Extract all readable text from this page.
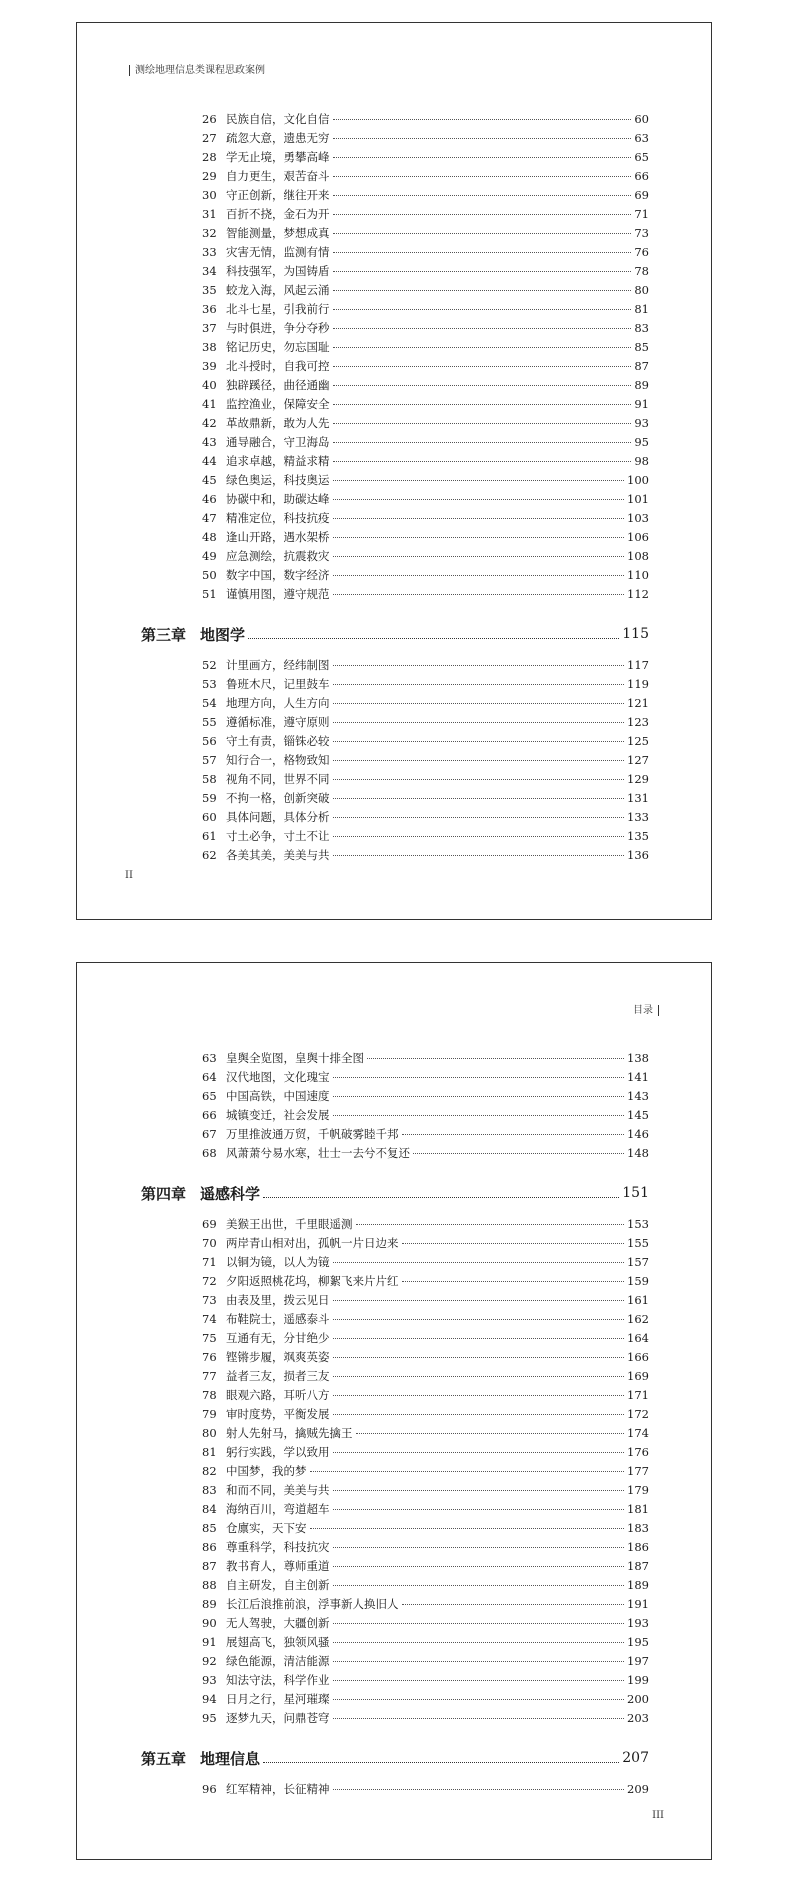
测绘地理信息类课程思政案例
26 民族自信，文化自信	60
27 疏忽大意，遗患无穷	63
28 学无止境，勇攀高峰	65
29 自力更生，艰苦奋斗	66
30 守正创新，继往开来	69
31 百折不挠，金石为开	71
32 智能测量，梦想成真	73
33 灾害无情，监测有情	76
34 科技强军，为国铸盾	78
35 蛟龙入海，风起云涌	80
36 北斗七星，引我前行	81
37 与时俱进，争分夺秒	83
38 铭记历史，勿忘国耻	85
39 北斗授时，自我可控	87
40 独辟蹊径，曲径通幽	89
41 监控渔业，保障安全	91
42 革故鼎新，敢为人先	93
43 通导融合，守卫海岛	95
44 追求卓越，精益求精	98
45 绿色奥运，科技奥运	100
46 协碳中和，助碳达峰	101
47 精准定位，科技抗疫	103
48 逢山开路，遇水架桥	106
49 应急测绘，抗震救灾	108
50 数字中国，数字经济	110
51 谨慎用图，遵守规范	112
第三章 地图学	115
52 计里画方，经纬制图	117
53 鲁班木尺，记里鼓车	119
54 地理方向，人生方向	121
55 遵循标准，遵守原则	123
56 守土有责，锱铢必较	125
57 知行合一，格物致知	127
58 视角不同，世界不同	129
59 不拘一格，创新突破	131
60 具体问题，具体分析	133
61 寸土必争，寸土不让	135
62 各美其美，美美与共	136
II
目录
63 皇舆全览图，皇舆十排全图	138
64 汉代地图，文化瑰宝	141
65 中国高铁，中国速度	143
66 城镇变迁，社会发展	145
67 万里推波通万贸，千帆破雾睦千邦	146
68 风萧萧兮易水寒，壮士一去兮不复还	148
第四章 遥感科学	151
69 美猴王出世，千里眼遥测	153
70 两岸青山相对出，孤帆一片日边来	155
71 以铜为镜，以人为镜	157
72 夕阳返照桃花坞，柳絮飞来片片红	159
73 由表及里，拨云见日	161
74 布鞋院士，遥感泰斗	162
75 互通有无，分甘绝少	164
76 铿锵步履，飒爽英姿	166
77 益者三友，损者三友	169
78 眼观六路，耳听八方	171
79 审时度势，平衡发展	172
80 射人先射马，擒贼先擒王	174
81 躬行实践，学以致用	176
82 中国梦，我的梦	177
83 和而不同，美美与共	179
84 海纳百川，弯道超车	181
85 仓廪实，天下安	183
86 尊重科学，科技抗灾	186
87 教书育人，尊师重道	187
88 自主研发，自主创新	189
89 长江后浪推前浪，浮事新人换旧人	191
90 无人驾驶，大疆创新	193
91 展翅高飞，独领风骚	195
92 绿色能源，清洁能源	197
93 知法守法，科学作业	199
94 日月之行，星河璀璨	200
95 逐梦九天，问鼎苍穹	203
第五章 地理信息	207
96 红军精神，长征精神	209
III
